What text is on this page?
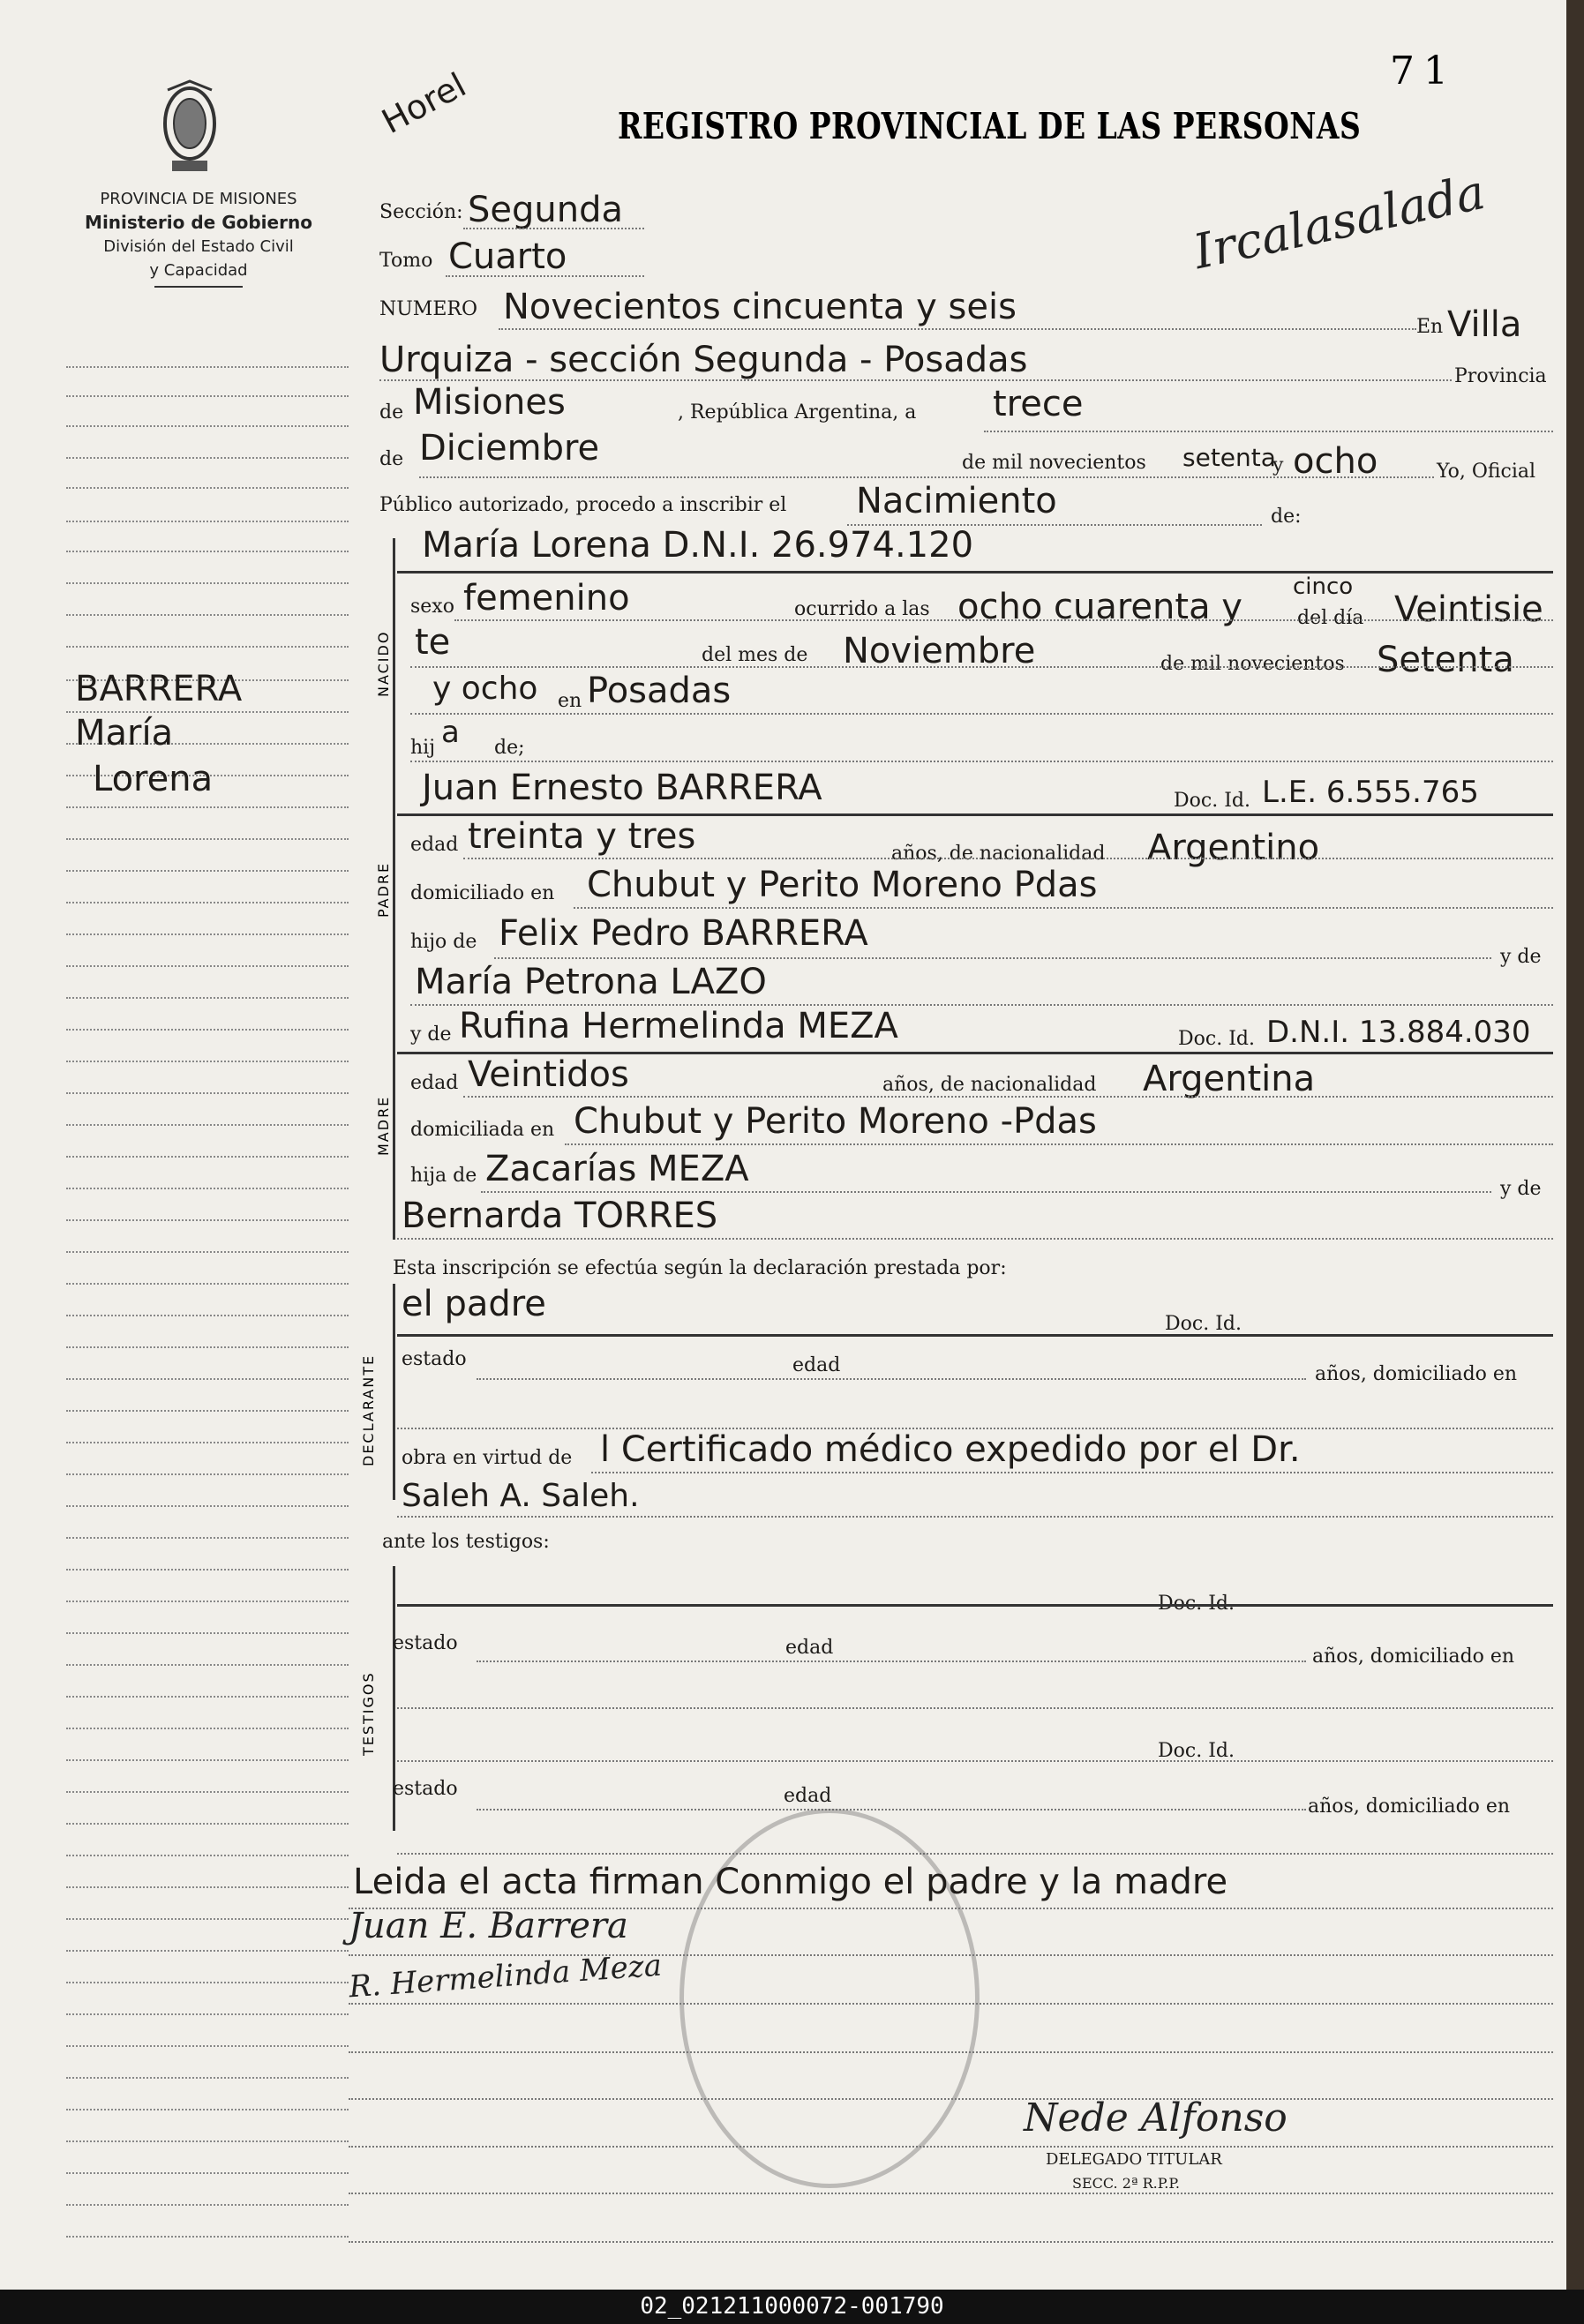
71
PROVINCIA DE MISIONES
Ministerio de Gobierno
División del Estado Civil
y Capacidad
Horel	REGISTRO PROVINCIAL DE LAS PERSONAS
Ircalasalada
BARRERA
María
Lorena
Sección: Segunda
Tomo Cuarto
NUMERO Novecientos cincuenta y seis	En Villa
Urquiza - sección Segunda - Posadas	Provincia
de Misiones	, República Argentina, a trece
de Diciembre	de mil novecientos setenta
y ocho	Yo, Oficial
Público autorizado, procedo a inscribir el Nacimiento	de:
NACIDO
María Lorena D.N.I. 26.974.120
sexo femenino	ocurrido a las ocho cuarenta y cinco
del día Veintisie
te	del mes de Noviembre	de mil novecientos Setenta
y ocho en Posadas
hij a de;
PADRE
Juan Ernesto BARRERA	Doc. Id. L.E. 6.555.765
edad treinta y tres	años, de nacionalidad Argentino
domiciliado en Chubut y Perito Moreno Pdas
hijo de Felix Pedro BARRERA
y de
María Petrona LAZO
MADRE
y de Rufina Hermelinda MEZA	Doc. Id. D.N.I. 13.884.030
edad Veintidos	años, de nacionalidad Argentina
domiciliada en Chubut y Perito Moreno -Pdas
hija de Zacarías MEZA	y de
Bernarda TORRES
Esta inscripción se efectúa según la declaración prestada por:
DECLARANTE
el padre	Doc. Id.
estado	edad	años, domiciliado en
obra en virtud de l Certificado médico expedido por el Dr.
Saleh A. Saleh.
ante los testigos:
TESTIGOS
Doc. Id.
estado	edad	años, domiciliado en
Doc. Id.
estado	edad	años, domiciliado en
Leida el acta firman Conmigo el padre y la madre
Juan E. Barrera
R. Hermelinda Meza
Nede Alfonso
DELEGADO TITULAR
SECC. 2ª R.P.P.
02_021211000072-001790
